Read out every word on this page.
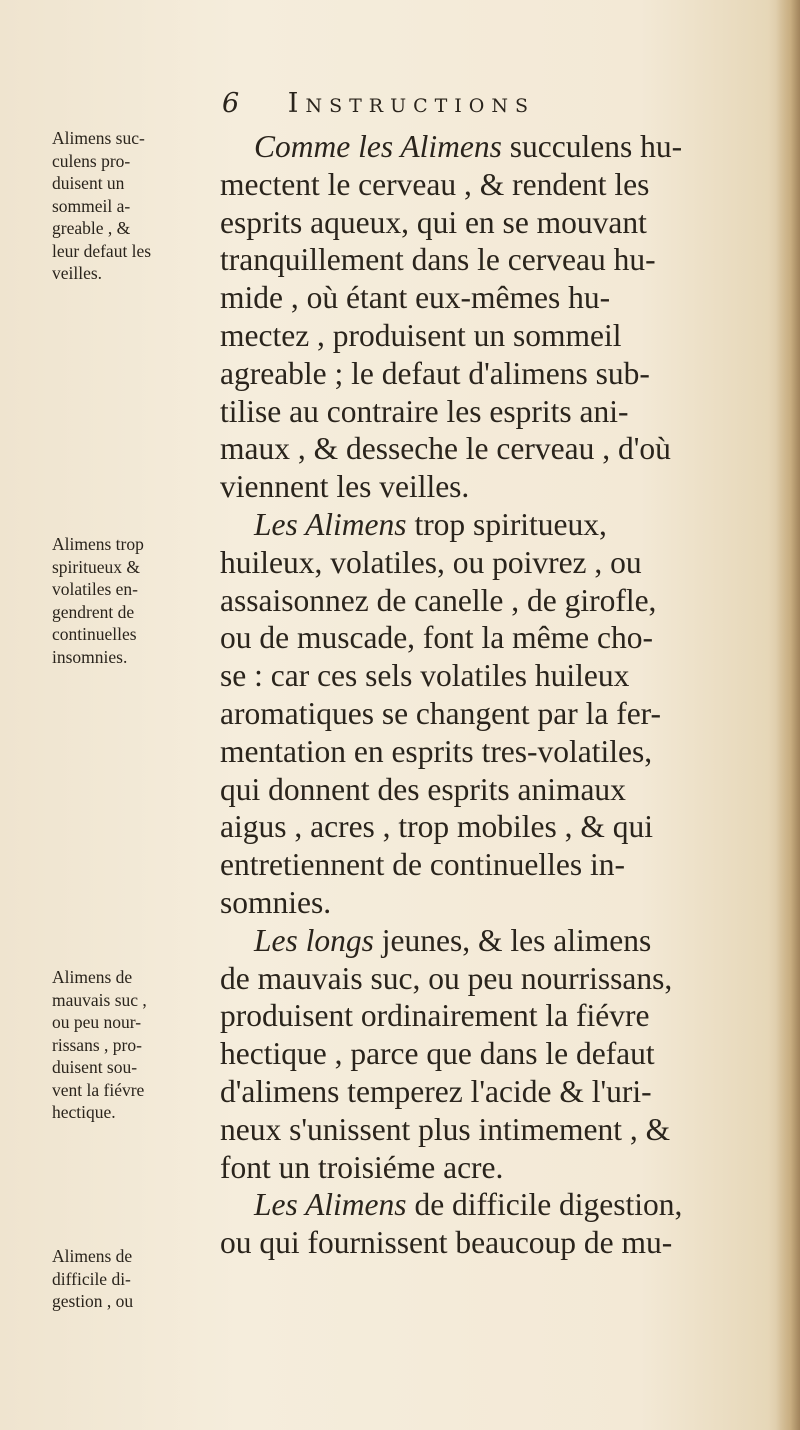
6 Instructions
Alimens suc-
culens pro-
duisent un
sommeil a-
greable , &
leur defaut les
veilles.
Alimens trop
spiritueux &
volatiles en-
gendrent de
continuelles
insomnies.
Alimens de
mauvais suc ,
ou peu nour-
rissans , pro-
duisent sou-
vent la fiévre
hectique.
Alimens de
difficile di-
gestion , ou
Comme les Alimens succulens hu-
mectent le cerveau , & rendent les
esprits aqueux, qui en se mouvant
tranquillement dans le cerveau hu-
mide , où étant eux-mêmes hu-
mectez , produisent un sommeil
agreable ; le defaut d'alimens sub-
tilise au contraire les esprits ani-
maux , & desseche le cerveau , d'où
viennent les veilles.
Les Alimens trop spiritueux,
huileux, volatiles, ou poivrez , ou
assaisonnez de canelle , de girofle,
ou de muscade, font la même cho-
se : car ces sels volatiles huileux
aromatiques se changent par la fer-
mentation en esprits tres-volatiles,
qui donnent des esprits animaux
aigus , acres , trop mobiles , & qui
entretiennent de continuelles in-
somnies.
Les longs jeunes, & les alimens
de mauvais suc, ou peu nourrissans,
produisent ordinairement la fiévre
hectique , parce que dans le defaut
d'alimens temperez l'acide & l'uri-
neux s'unissent plus intimement , &
font un troisiéme acre.
Les Alimens de difficile digestion,
ou qui fournissent beaucoup de mu-
